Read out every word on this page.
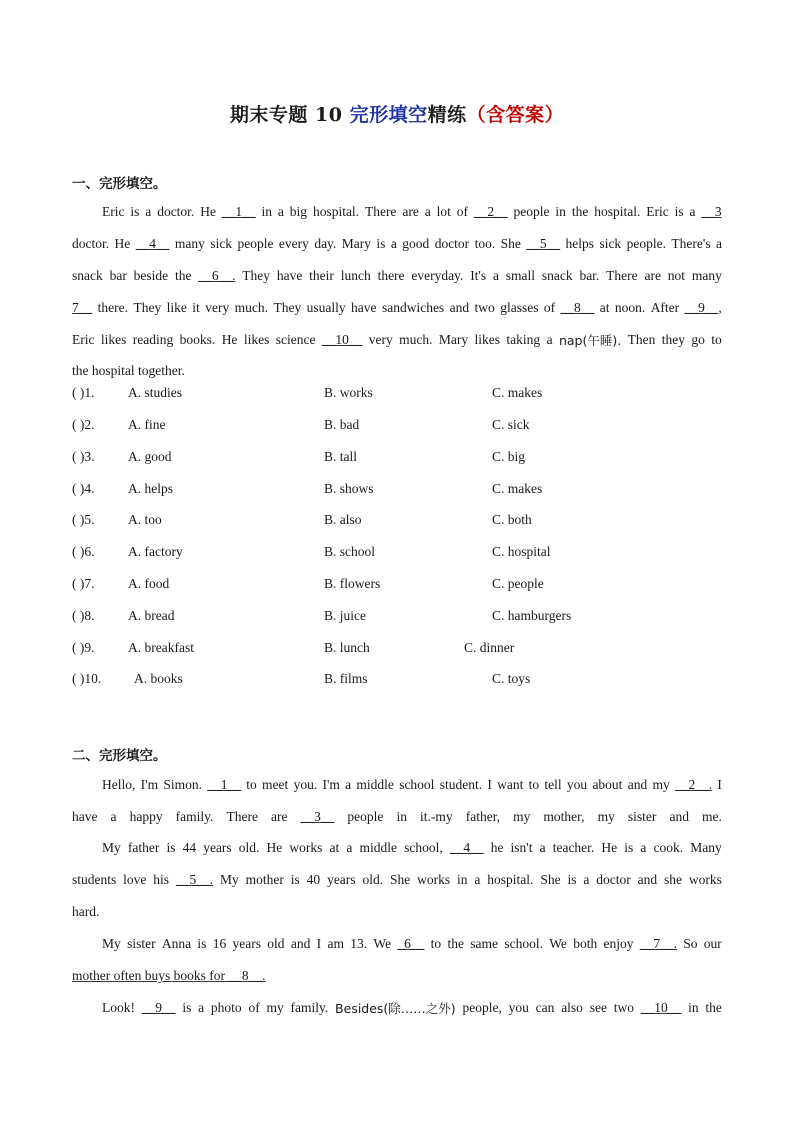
期末专题 10 完形填空精练（含答案）
一、完形填空。
Eric is a doctor. He __1__ in a big hospital. There are a lot of __2__ people in the hospital. Eric is a __3
doctor. He __4__ many sick people every day. Mary is a good doctor too. She __5__ helps sick people. There's a
snack bar beside the __6__. They have their lunch there everyday. It's a small snack bar. There are not many
7__ there. They like it very much. They usually have sandwiches and two glasses of __8__ at noon. After __9__,
Eric likes reading books. He likes science __10__ very much. Mary likes taking a nap(午睡). Then they go to
the hospital together.
( )1. A. studies	B. works	C. makes
( )2. A. fine	B. bad	C. sick
( )3. A. good	B. tall	C. big
( )4. A. helps	B. shows	C. makes
( )5. A. too	B. also	C. both
( )6. A. factory	B. school	C. hospital
( )7. A. food	B. flowers	C. people
( )8. A. bread	B. juice	C. hamburgers
( )9. A. breakfast	B. lunch	C. dinner
( )10. A. books	B. films	C. toys
二、完形填空。
Hello, I'm Simon. __1__ to meet you. I'm a middle school student. I want to tell you about and my __2__. I
have a happy family. There are __3__ people in it.-my father, my mother, my sister and me.
My father is 44 years old. He works at a middle school, __4__ he isn't a teacher. He is a cook. Many
students love his __5__. My mother is 40 years old. She works in a hospital. She is a doctor and she works
hard.
My sister Anna is 16 years old and I am 13. We _6__ to the same school. We both enjoy __7__. So our
mother often buys books for __8__.
Look! __9__ is a photo of my family. Besides(除……之外) people, you can also see two __10__ in the
